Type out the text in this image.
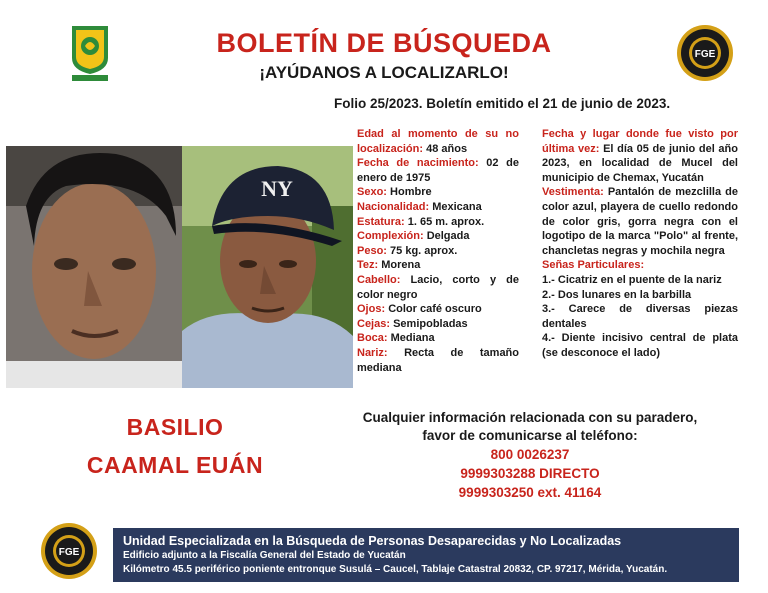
FGE
BOLETÍN DE BÚSQUEDA
¡AYÚDANOS A LOCALIZARLO!
Folio 25/2023. Boletín emitido el 21 de junio de 2023.
NY

Edad al momento de su no localización: 48 años

Fecha de nacimiento: 02 de enero de 1975

Sexo: Hombre

Nacionalidad: Mexicana

Estatura: 1. 65 m. aprox.

Complexión: Delgada

Peso: 75 kg. aprox.

Tez: Morena

Cabello: Lacio, corto y de color negro

Ojos: Color café oscuro

Cejas: Semipobladas

Boca: Mediana

Nariz: Recta de tamaño mediana

Fecha y lugar donde fue visto por última vez: El día 05 de junio del año 2023, en localidad de Mucel del municipio de Chemax, Yucatán

Vestimenta: Pantalón de mezclilla de color azul, playera de cuello redondo de color gris, gorra negra con el logotipo de la marca "Polo" al frente, chancletas negras y mochila negra

Señas Particulares:

1.- Cicatriz en el puente de la nariz

2.- Dos lunares en la barbilla

3.- Carece de diversas piezas dentales

4.- Diente incisivo central de plata (se desconoce el lado)

BASILIO
CAAMAL EUÁN
Cualquier información relacionada con su paradero,
favor de comunicarse al teléfono:
800 0026237
9999303288 DIRECTO
9999303250 ext. 41164
FGE
Unidad Especializada en la Búsqueda de Personas Desaparecidas y No Localizadas
Edificio adjunto a la Fiscalía General del Estado de Yucatán
Kilómetro 45.5 periférico poniente entronque Susulá – Caucel, Tablaje Catastral 20832, CP. 97217, Mérida, Yucatán.
